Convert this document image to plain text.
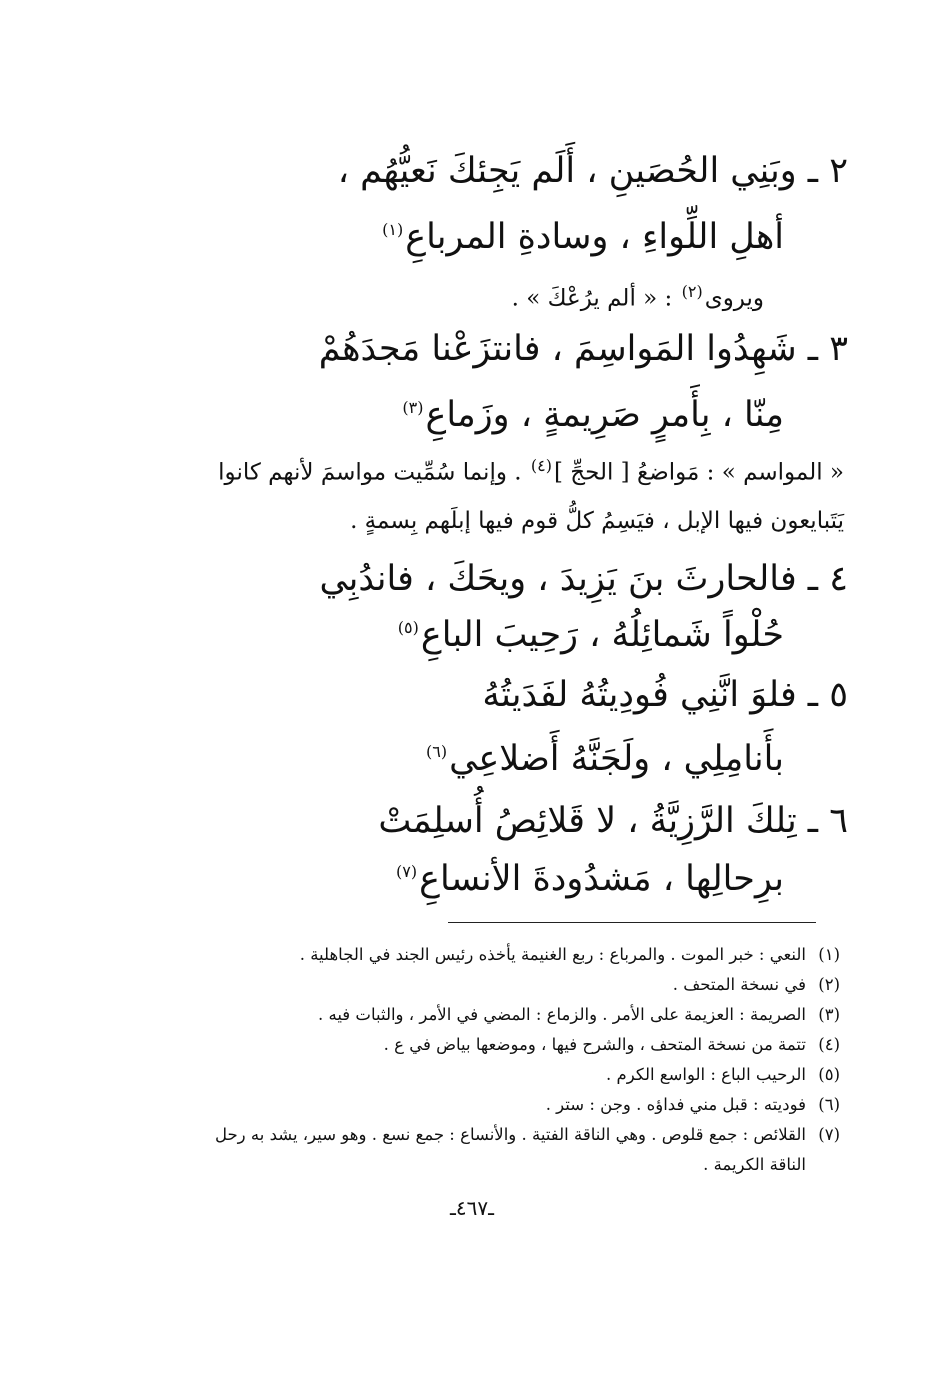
٢ ـ وبَنِي الحُصَينِ ، أَلَم يَجِئكَ نَعيُّهُم ،
أهلِ اللِّواءِ ، وسادةِ المرباعِ$^{(١)}$
ويروى$^{(٢)}$ : « ألم يرُعْكَ » .
٣ ـ شَهِدُوا المَواسِمَ ، فانتزَعْنا مَجدَهُمْ
مِنّا ، بِأَمرٍ صَرِيمةٍ ، وزَماعِ$^{(٣)}$
« المواسم » : مَواضعُ [ الحجِّ ]$^{(٤)}$ . وإنما سُمِّيت مواسمَ لأنهم كانوا
يَتَبايعون فيها الإبل ، فيَسِمُ كلُّ قوم فيها إبلَهم بِسمةٍ .
٤ ـ فالحارثَ بنَ يَزِيدَ ، ويحَكَ ، فاندُبِي
حُلْواً شَمائِلُهُ ، رَحِيبَ الباعِ$^{(٥)}$
٥ ـ فلوَ انَّنِي فُودِيتُهُ لفَدَيتُهُ
بأَنامِلِي ، ولَجَنَّهُ أَضلاعِي$^{(٦)}$
٦ ـ تِلكَ الرَّزِيَّةُ ، لا قَلائِصُ أُسلِمَتْ
برِحالِها ، مَشدُودةَ الأنساعِ$^{(٧)}$
(١)النعي : خبر الموت . والمرباع : ربع الغنيمة يأخذه رئيس الجند في الجاهلية .
(٢)في نسخة المتحف .
(٣)الصريمة : العزيمة على الأمر . والزماع : المضي في الأمر ، والثبات فيه .
(٤)تتمة من نسخة المتحف ، والشرح فيها ، وموضعها بياض في ع .
(٥)الرحيب الباع : الواسع الكرم .
(٦)فوديته : قبل مني فداؤه . وجن : ستر .
(٧)القلائص : جمع قلوص . وهي الناقة الفتية . والأنساع : جمع نسع . وهو سير، يشد به رحل
الناقة الكريمة .
ـ٤٦٧ـ
